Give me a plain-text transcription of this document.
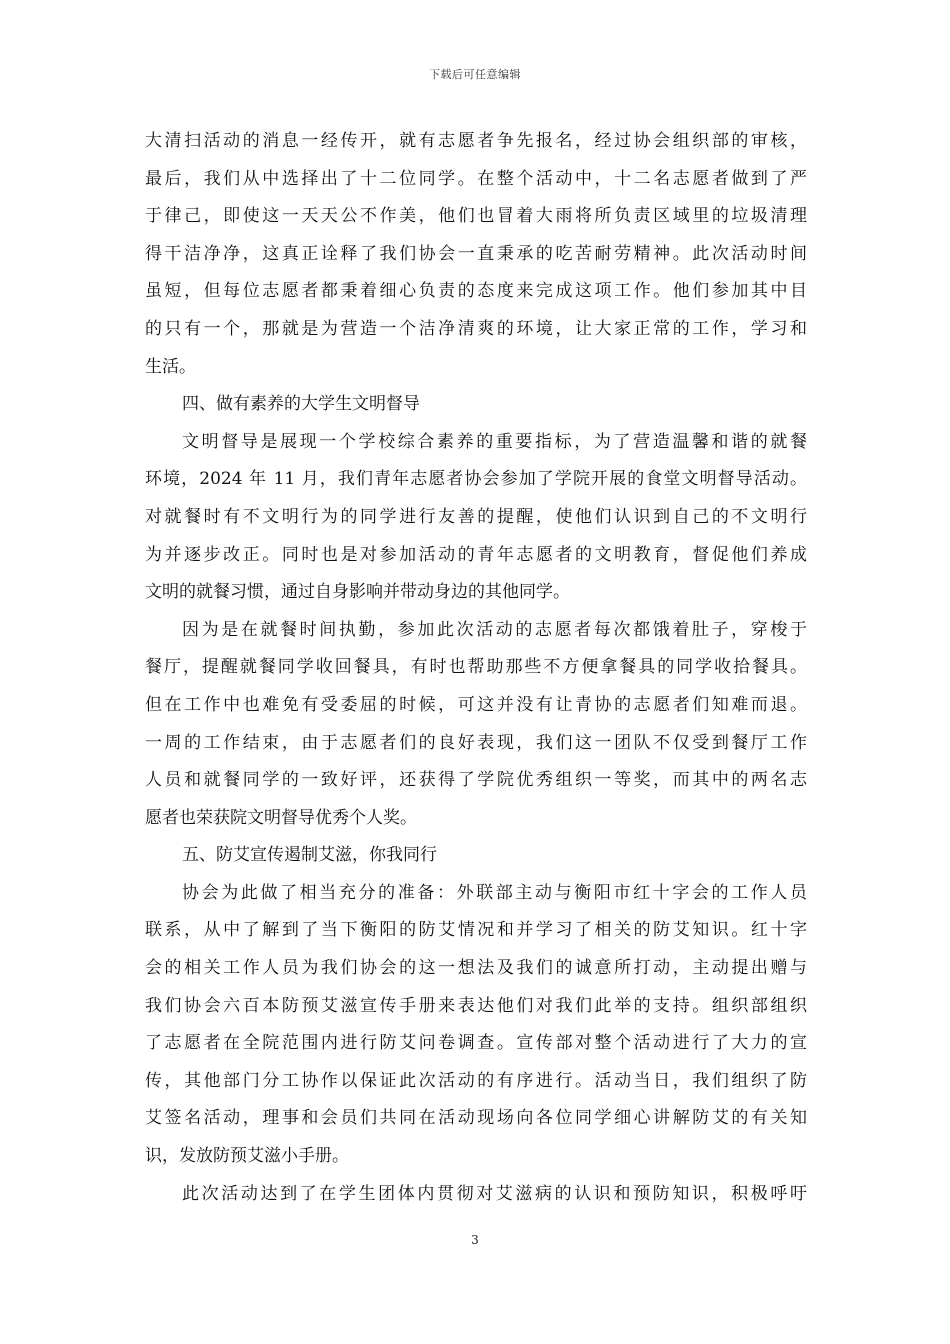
下载后可任意编辑
大清扫活动的消息一经传开，就有志愿者争先报名，经过协会组织部的审核，
最后，我们从中选择出了十二位同学。在整个活动中，十二名志愿者做到了严
于律己，即使这一天天公不作美，他们也冒着大雨将所负责区域里的垃圾清理
得干洁净净，这真正诠释了我们协会一直秉承的吃苦耐劳精神。此次活动时间
虽短，但每位志愿者都秉着细心负责的态度来完成这项工作。他们参加其中目
的只有一个，那就是为营造一个洁净清爽的环境，让大家正常的工作，学习和
生活。
四、做有素养的大学生文明督导
文明督导是展现一个学校综合素养的重要指标，为了营造温馨和谐的就餐
环境，2024 年 11 月，我们青年志愿者协会参加了学院开展的食堂文明督导活动。
对就餐时有不文明行为的同学进行友善的提醒，使他们认识到自己的不文明行
为并逐步改正。同时也是对参加活动的青年志愿者的文明教育，督促他们养成
文明的就餐习惯，通过自身影响并带动身边的其他同学。
因为是在就餐时间执勤，参加此次活动的志愿者每次都饿着肚子，穿梭于
餐厅，提醒就餐同学收回餐具，有时也帮助那些不方便拿餐具的同学收拾餐具。
但在工作中也难免有受委屈的时候，可这并没有让青协的志愿者们知难而退。
一周的工作结束，由于志愿者们的良好表现，我们这一团队不仅受到餐厅工作
人员和就餐同学的一致好评，还获得了学院优秀组织一等奖，而其中的两名志
愿者也荣获院文明督导优秀个人奖。
五、防艾宣传遏制艾滋，你我同行
协会为此做了相当充分的准备：外联部主动与衡阳市红十字会的工作人员
联系，从中了解到了当下衡阳的防艾情况和并学习了相关的防艾知识。红十字
会的相关工作人员为我们协会的这一想法及我们的诚意所打动，主动提出赠与
我们协会六百本防预艾滋宣传手册来表达他们对我们此举的支持。组织部组织
了志愿者在全院范围内进行防艾问卷调查。宣传部对整个活动进行了大力的宣
传，其他部门分工协作以保证此次活动的有序进行。活动当日，我们组织了防
艾签名活动，理事和会员们共同在活动现场向各位同学细心讲解防艾的有关知
识，发放防预艾滋小手册。
此次活动达到了在学生团体内贯彻对艾滋病的认识和预防知识，积极呼吁
3
